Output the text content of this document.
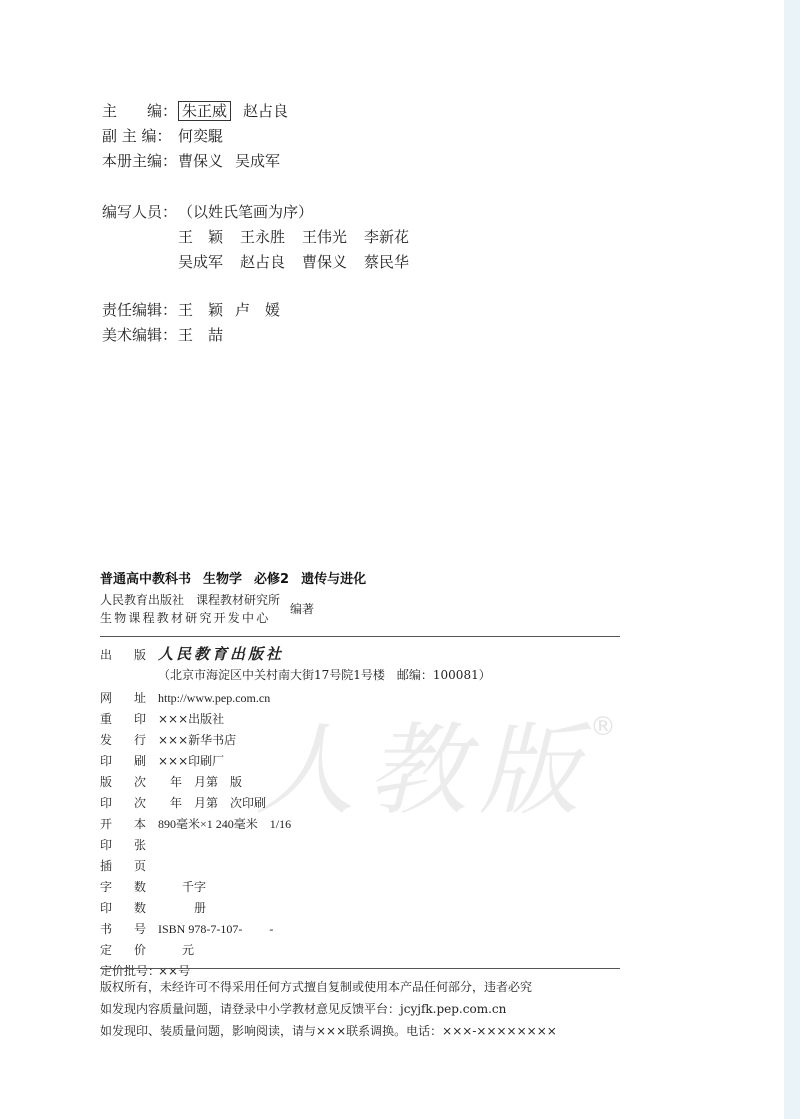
人教版 ®
主　　编： 朱正威 赵占良
副 主 编： 何奕騉
本册主编：曹保义 吴成军
编写人员：（以姓氏笔画为序）
王　颖 王永胜 王伟光 李新花
吴成军 赵占良 曹保义 蔡民华
责任编辑：王　颖 卢　媛
美术编辑：王　喆
普通高中教科书 生物学 必修2 遗传与进化
人民教育出版社　课程教材研究所
生物课程教材研究开发中心
编著
出版人民教育出版社
（北京市海淀区中关村南大街17号院1号楼　邮编：100081）
网址http://www.pep.com.cn
重印×××出版社
发行×××新华书店
印刷×××印刷厂
版次　年　月第　版
印次　年　月第　次印刷
开本890毫米×1 240毫米　1/16
印张
插页
字数　　千字
印数　　　册
书号ISBN 978-7-107-　　 -
定价　　元
定价批号：××号
版权所有，未经许可不得采用任何方式擅自复制或使用本产品任何部分，违者必究
如发现内容质量问题，请登录中小学教材意见反馈平台：jcyjfk.pep.com.cn
如发现印、装质量问题，影响阅读，请与×××联系调换。电话：×××-××××××××
